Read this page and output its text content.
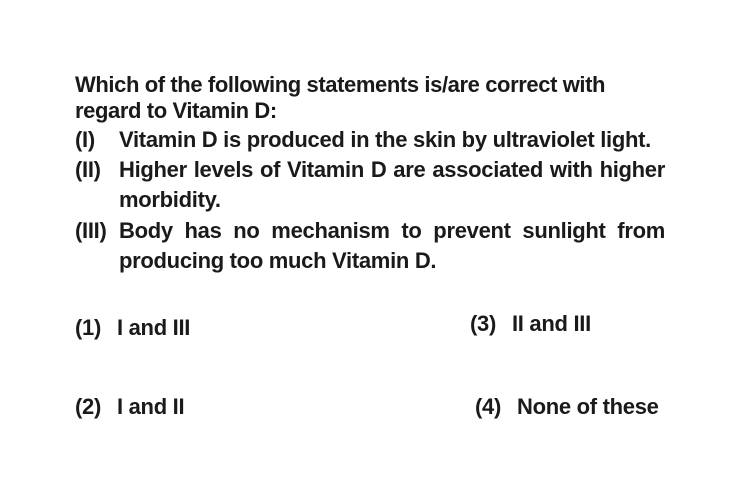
Which of the following statements is/are correct with regard to Vitamin D:
(I) Vitamin D is produced in the skin by ultraviolet light.
(II) Higher levels of Vitamin D are associated with higher morbidity.
(III) Body has no mechanism to prevent sunlight from producing too much Vitamin D.
(1) I and III
(2) I and II
(3) II and III
(4) None of these
